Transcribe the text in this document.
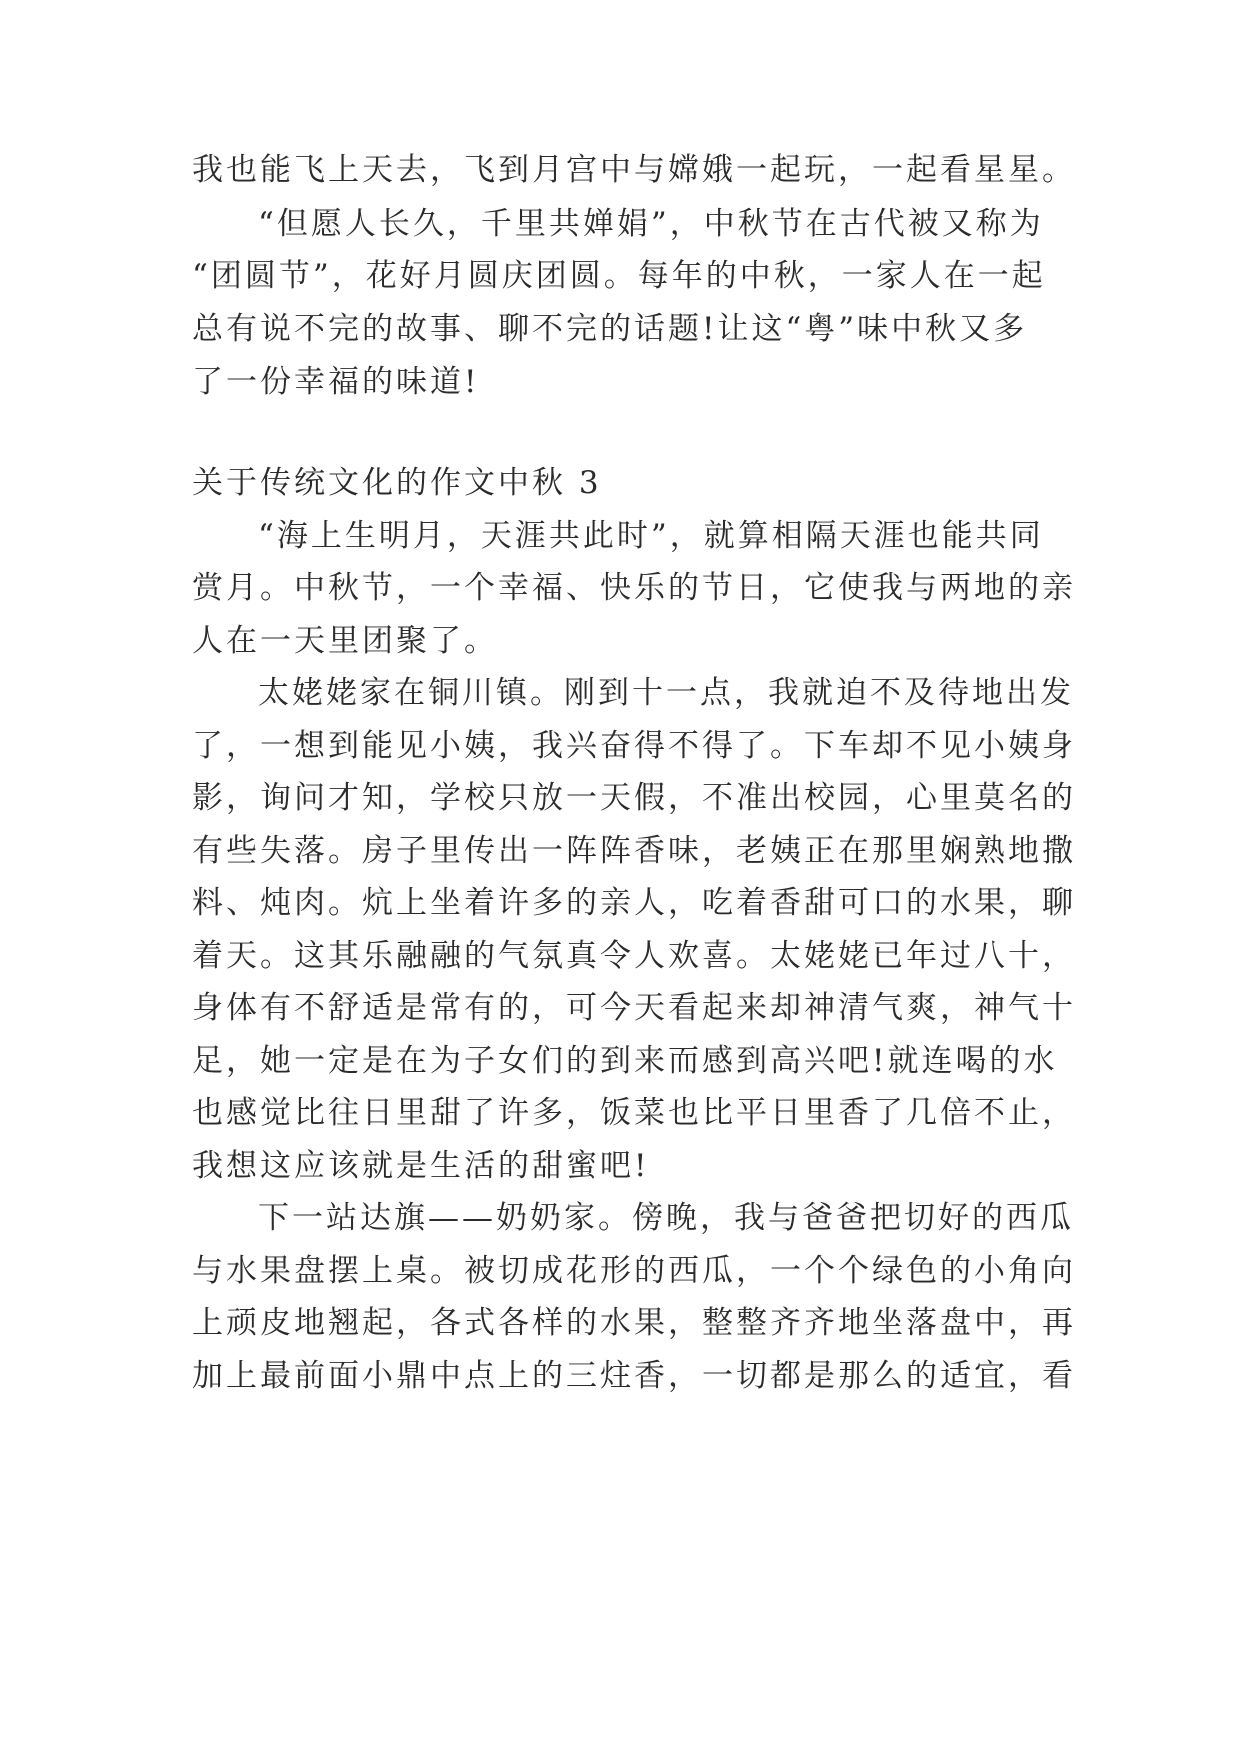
我也能飞上天去，飞到月宫中与嫦娥一起玩，一起看星星。
“但愿人长久，千里共婵娟”，中秋节在古代被又称为
“团圆节”，花好月圆庆团圆。每年的中秋，一家人在一起
总有说不完的故事、聊不完的话题!让这“粤”味中秋又多
了一份幸福的味道!
关于传统文化的作文中秋 3
“海上生明月，天涯共此时”，就算相隔天涯也能共同
赏月。中秋节，一个幸福、快乐的节日，它使我与两地的亲
人在一天里团聚了。
太姥姥家在铜川镇。刚到十一点，我就迫不及待地出发
了，一想到能见小姨，我兴奋得不得了。下车却不见小姨身
影，询问才知，学校只放一天假，不准出校园，心里莫名的
有些失落。房子里传出一阵阵香味，老姨正在那里娴熟地撒
料、炖肉。炕上坐着许多的亲人，吃着香甜可口的水果，聊
着天。这其乐融融的气氛真令人欢喜。太姥姥已年过八十，
身体有不舒适是常有的，可今天看起来却神清气爽，神气十
足，她一定是在为子女们的到来而感到高兴吧!就连喝的水
也感觉比往日里甜了许多，饭菜也比平日里香了几倍不止，
我想这应该就是生活的甜蜜吧!
下一站达旗——奶奶家。傍晚，我与爸爸把切好的西瓜
与水果盘摆上桌。被切成花形的西瓜，一个个绿色的小角向
上顽皮地翘起，各式各样的水果，整整齐齐地坐落盘中，再
加上最前面小鼎中点上的三炷香，一切都是那么的适宜，看
